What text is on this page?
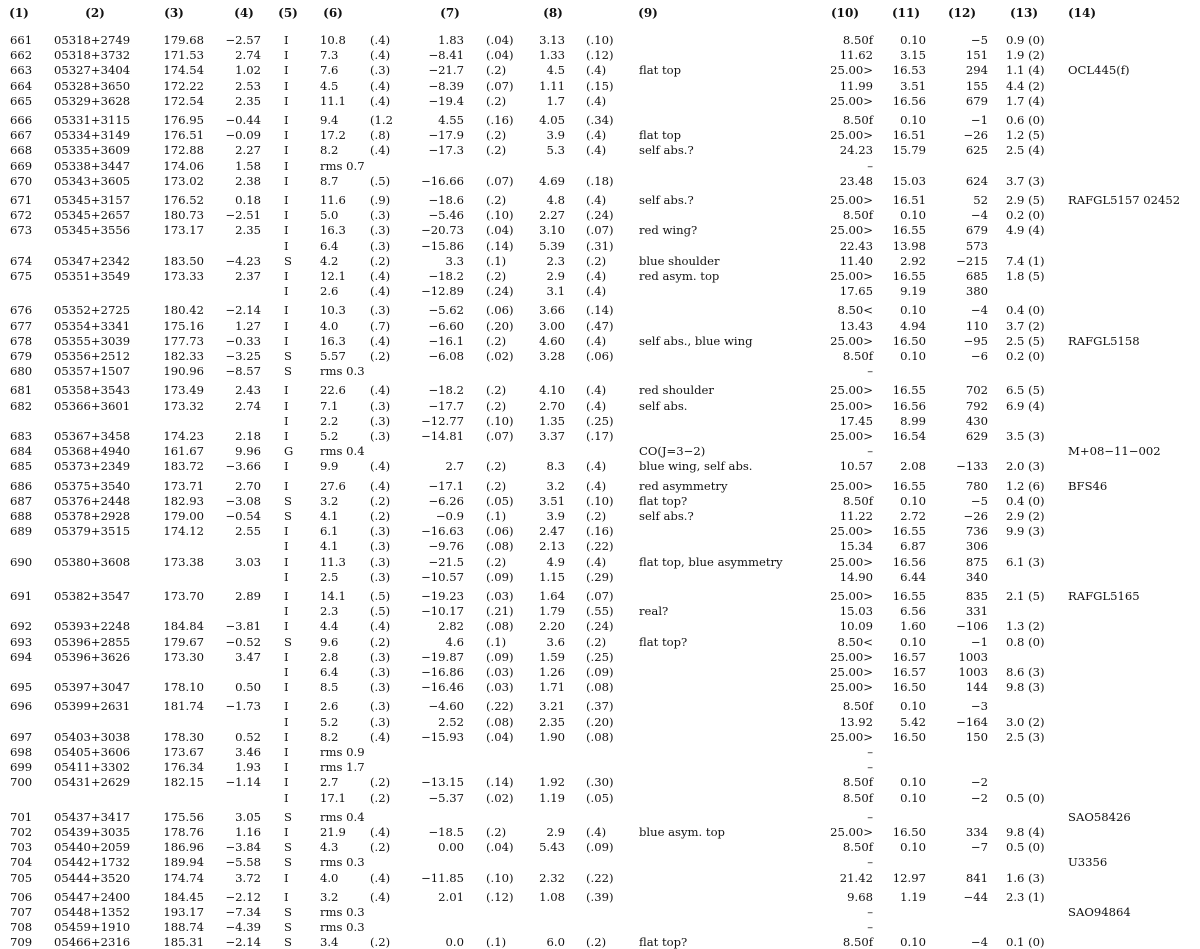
(1)	(2)	(3)	(4)	(5)	(6)	(7)	(8)	(9)	(10)	(11)	(12)	(13)	(14)
661 05318+2749	179.68 −2.57 I	10.8 (.4)	1.83 (.04) 3.13 (.10)	8.50f 0.10	−5 0.9 (0)
662 05318+3732	171.53	2.74 I	7.3	(.4)	−8.41 (.04) 1.33 (.12)	11.62 3.15	151 1.9 (2)
663 05327+3404	174.54	1.02 I	7.6	(.3)	−21.7 (.2)	4.5 (.4)	flat top	25.00> 16.53	294 1.1 (4) OCL445(f)
664 05328+3650	172.22	2.53 I	4.5	(.4)	−8.39 (.07) 1.11 (.15)	11.99 3.51	155 4.4 (2)
665 05329+3628	172.54	2.35 I	11.1 (.4)	−19.4 (.2)	1.7 (.4)	25.00> 16.56	679 1.7 (4)
666 05331+3115	176.95 −0.44 I	9.4	(1.2	4.55 (.16) 4.05 (.34)	8.50f 0.10	−1 0.6 (0)
667 05334+3149	176.51 −0.09 I	17.2 (.8)	−17.9 (.2)	3.9 (.4)	flat top	25.00> 16.51	−26 1.2 (5)
668 05335+3609	172.88	2.27 I	8.2	(.4)	−17.3 (.2)	5.3 (.4)	self abs.?	24.23 15.79	625 2.5 (4)
669 05338+3447	174.06	1.58 I	rms 0.7	–
670 05343+3605	173.02	2.38 I	8.7	(.5)	−16.66 (.07) 4.69 (.18)	23.48 15.03	624 3.7 (3)
671 05345+3157	176.52	0.18 I	11.6 (.9)	−18.6 (.2)	4.8 (.4)	self abs.?	25.00> 16.51	52 2.9 (5) RAFGL5157 02452
672 05345+2657	180.73 −2.51 I	5.0	(.3)	−5.46 (.10) 2.27 (.24)	8.50f 0.10	−4 0.2 (0)
673 05345+3556	173.17	2.35 I	16.3 (.3)	−20.73 (.04) 3.10 (.07) red wing?	25.00> 16.55	679 4.9 (4)
I	6.4	(.3)	−15.86 (.14) 5.39 (.31)	22.43 13.98	573
674 05347+2342	183.50 −4.23 S 4.2	(.2)	3.3 (.1)	2.3 (.2)	blue shoulder	11.40 2.92	−215 7.4 (1)
675 05351+3549	173.33	2.37 I	12.1 (.4)	−18.2 (.2)	2.9 (.4)	red asym. top	25.00> 16.55	685 1.8 (5)
I	2.6	(.4)	−12.89 (.24)	3.1 (.4)	17.65 9.19	380
676 05352+2725	180.42 −2.14 I	10.3 (.3)	−5.62 (.06) 3.66 (.14)	8.50< 0.10	−4 0.4 (0)
677 05354+3341	175.16	1.27 I	4.0	(.7)	−6.60 (.20) 3.00 (.47)	13.43 4.94	110 3.7 (2)
678 05355+3039	177.73 −0.33 I	16.3 (.4)	−16.1 (.2)	4.60 (.4)	self abs., blue wing	25.00> 16.50	−95 2.5 (5) RAFGL5158
679 05356+2512	182.33 −3.25 S 5.57 (.2)	−6.08 (.02) 3.28 (.06)	8.50f 0.10	−6 0.2 (0)
680 05357+1507	190.96 −8.57 S rms 0.3	–
681 05358+3543	173.49	2.43 I	22.6 (.4)	−18.2 (.2)	4.10 (.4)	red shoulder	25.00> 16.55	702 6.5 (5)
682 05366+3601	173.32	2.74 I	7.1	(.3)	−17.7 (.2)	2.70 (.4)	self abs.	25.00> 16.56	792 6.9 (4)
I	2.2	(.3)	−12.77 (.10) 1.35 (.25)	17.45 8.99	430
683 05367+3458	174.23	2.18 I	5.2	(.3)	−14.81 (.07) 3.37 (.17)	25.00> 16.54	629 3.5 (3)
684 05368+4940	161.67	9.96 G rms 0.4	CO(J=3−2)	–	M+08−11−002
685 05373+2349	183.72 −3.66 I	9.9	(.4)	2.7 (.2)	8.3 (.4)	blue wing, self abs.	10.57 2.08	−133 2.0 (3)
686 05375+3540	173.71	2.70 I	27.6 (.4)	−17.1 (.2)	3.2 (.4)	red asymmetry	25.00> 16.55	780 1.2 (6) BFS46
687 05376+2448	182.93 −3.08 S 3.2	(.2)	−6.26 (.05) 3.51 (.10) flat top?	8.50f 0.10	−5 0.4 (0)
688 05378+2928	179.00 −0.54 S 4.1	(.2)	−0.9 (.1)	3.9 (.2)	self abs.?	11.22 2.72	−26 2.9 (2)
689 05379+3515	174.12	2.55 I	6.1	(.3)	−16.63 (.06) 2.47 (.16)	25.00> 16.55	736 9.9 (3)
I	4.1	(.3)	−9.76 (.08) 2.13 (.22)	15.34 6.87	306
690 05380+3608	173.38	3.03 I	11.3 (.3)	−21.5 (.2)	4.9 (.4)	flat top, blue asymmetry	25.00> 16.56	875 6.1 (3)
I	2.5	(.3)	−10.57 (.09) 1.15 (.29)	14.90 6.44	340
691 05382+3547	173.70	2.89 I	14.1 (.5)	−19.23 (.03) 1.64 (.07)	25.00> 16.55	835 2.1 (5) RAFGL5165
I	2.3	(.5)	−10.17 (.21) 1.79 (.55) real?	15.03 6.56	331
692 05393+2248	184.84 −3.81 I	4.4	(.4)	2.82 (.08) 2.20 (.24)	10.09 1.60	−106 1.3 (2)
693 05396+2855	179.67 −0.52 S 9.6	(.2)	4.6 (.1)	3.6 (.2)	flat top?	8.50< 0.10	−1 0.8 (0)
694 05396+3626	173.30	3.47 I	2.8	(.3)	−19.87 (.09) 1.59 (.25)	25.00> 16.57	1003
I	6.4	(.3)	−16.86 (.03) 1.26 (.09)	25.00> 16.57	1003 8.6 (3)
695 05397+3047	178.10	0.50 I	8.5	(.3)	−16.46 (.03) 1.71 (.08)	25.00> 16.50	144 9.8 (3)
696 05399+2631	181.74 −1.73 I	2.6	(.3)	−4.60 (.22) 3.21 (.37)	8.50f 0.10	−3
I	5.2	(.3)	2.52 (.08) 2.35 (.20)	13.92 5.42	−164 3.0 (2)
697 05403+3038	178.30	0.52 I	8.2	(.4)	−15.93 (.04) 1.90 (.08)	25.00> 16.50	150 2.5 (3)
698 05405+3606	173.67	3.46 I	rms 0.9	–
699 05411+3302	176.34	1.93 I	rms 1.7	–
700 05431+2629	182.15 −1.14 I	2.7	(.2)	−13.15 (.14) 1.92 (.30)	8.50f 0.10	−2
I	17.1 (.2)	−5.37 (.02) 1.19 (.05)	8.50f 0.10	−2 0.5 (0)
701 05437+3417	175.56	3.05 S rms 0.4	–	SAO58426
702 05439+3035	178.76	1.16 I	21.9 (.4)	−18.5 (.2)	2.9 (.4)	blue asym. top	25.00> 16.50	334 9.8 (4)
703 05440+2059	186.96 −3.84 S 4.3	(.2)	0.00 (.04) 5.43 (.09)	8.50f 0.10	−7 0.5 (0)
704 05442+1732	189.94 −5.58 S rms 0.3	–	U3356
705 05444+3520	174.74	3.72 I	4.0	(.4)	−11.85 (.10) 2.32 (.22)	21.42 12.97	841 1.6 (3)
706 05447+2400	184.45 −2.12 I	3.2	(.4)	2.01 (.12) 1.08 (.39)	9.68 1.19	−44 2.3 (1)
707 05448+1352	193.17 −7.34 S rms 0.3	–	SAO94864
708 05459+1910	188.74 −4.39 S rms 0.3	–
709 05466+2316	185.31 −2.14 S 3.4	(.2)	0.0 (.1)	6.0 (.2)	flat top?	8.50f 0.10	−4 0.1 (0)
